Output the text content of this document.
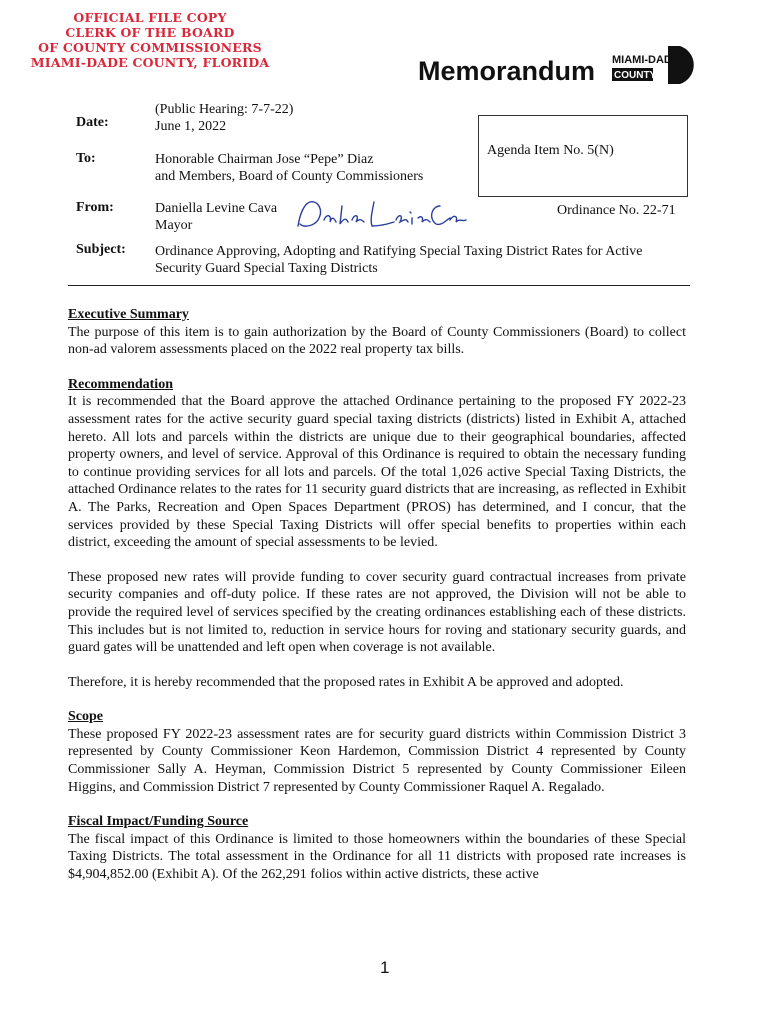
OFFICIAL FILE COPY
CLERK OF THE BOARD
OF COUNTY COMMISSIONERS
MIAMI-DADE COUNTY, FLORIDA	Memorandum MIAMI-DADE
COUNTY
Date:
(Public Hearing: 7-7-22)
June 1, 2022
Agenda Item No. 5(N)
To:	Honorable Chairman Jose “Pepe” Diaz
and Members, Board of County Commissioners
From:	Daniella Levine Cava
Mayor
Daniella Levine Cava
Ordinance No. 22-71
Subject: Ordinance Approving, Adopting and Ratifying Special Taxing District Rates for Active
Security Guard Special Taxing Districts
Executive Summary

The purpose of this item is to gain authorization by the Board of County Commissioners (Board) to collect non-ad valorem assessments placed on the 2022 real property tax bills.

Recommendation

It is recommended that the Board approve the attached Ordinance pertaining to the proposed FY 2022-23 assessment rates for the active security guard special taxing districts (districts) listed in Exhibit A, attached hereto. All lots and parcels within the districts are unique due to their geographical boundaries, affected property owners, and level of service. Approval of this Ordinance is required to obtain the necessary funding to continue providing services for all lots and parcels. Of the total 1,026 active Special Taxing Districts, the attached Ordinance relates to the rates for 11 security guard districts that are increasing, as reflected in Exhibit A. The Parks, Recreation and Open Spaces Department (PROS) has determined, and I concur, that the services provided by these Special Taxing Districts will offer special benefits to properties within each district, exceeding the amount of special assessments to be levied.

These proposed new rates will provide funding to cover security guard contractual increases from private security companies and off-duty police. If these rates are not approved, the Division will not be able to provide the required level of services specified by the creating ordinances establishing each of these districts. This includes but is not limited to, reduction in service hours for roving and stationary security guards, and guard gates will be unattended and left open when coverage is not available.

Therefore, it is hereby recommended that the proposed rates in Exhibit A be approved and adopted.

Scope

These proposed FY 2022-23 assessment rates are for security guard districts within Commission District 3 represented by County Commissioner Keon Hardemon, Commission District 4 represented by County Commissioner Sally A. Heyman, Commission District 5 represented by County Commissioner Eileen Higgins, and Commission District 7 represented by County Commissioner Raquel A. Regalado.

Fiscal Impact/Funding Source

The fiscal impact of this Ordinance is limited to those homeowners within the boundaries of these Special Taxing Districts. The total assessment in the Ordinance for all 11 districts with proposed rate increases is $4,904,852.00 (Exhibit A). Of the 262,291 folios within active districts, these active

1
